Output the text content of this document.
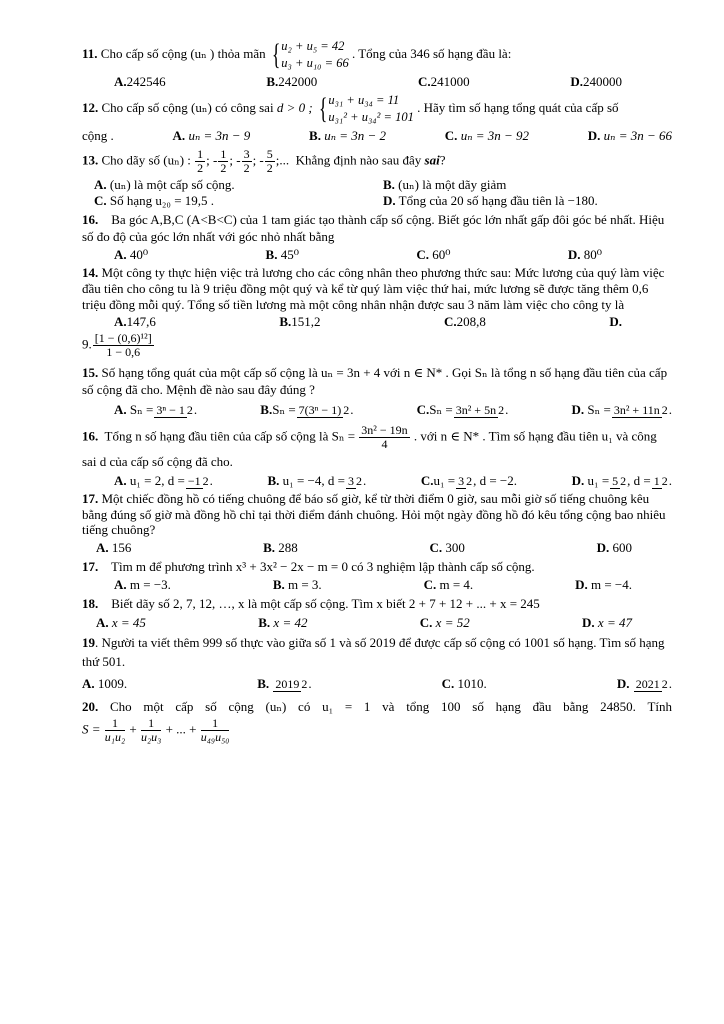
11. Cho cấp số cộng (uₙ ) thỏa mãn { u₂ + u₅ = 42
u₃ + u₁₀ = 66
. Tổng của 346 số hạng đầu là:

A.242546	B.242000	C.241000	D.240000

12. Cho cấp số cộng (uₙ) có công sai d > 0 ; { u₃₁ + u₃₄ = 11
u₃₁² + u₃₄² = 101
. Hãy tìm số hạng tổng quát của cấp số

cộng .	A. uₙ = 3n − 9	B. uₙ = 3n − 2	C. uₙ = 3n − 92	D. uₙ = 3n − 66

13. Cho dãy số (uₙ) : $\frac{1}{2}$ ; - $\frac{1}{2}$ ; - $\frac{3}{2}$ ; - $\frac{5}{2}$ ;... Khẳng định nào sau đây sai?

A. (uₙ) là một cấp số cộng.	B. (uₙ) là một dãy giảm
C. Số hạng u₂₀ = 19,5 .	D. Tổng của 20 số hạng đầu tiên là −180.

16. Ba góc A,B,C (A<B<C) của 1 tam giác tạo thành cấp số cộng. Biết góc lớn nhất gấp đôi góc bé nhất. Hiệu số đo độ của góc lớn nhất với góc nhỏ nhất bằng

A. 40⁰	B. 45⁰	C. 60⁰	D. 80⁰

14. Một công ty thực hiện việc trả lương cho các công nhân theo phương thức sau: Mức lương của quý làm việc đầu tiên cho công tu là 9 triệu đồng một quý và kể từ quý làm việc thứ hai, mức lương sẽ được tăng thêm 0,6 triệu đồng mỗi quý. Tổng số tiền lương mà một công nhân nhận được sau 3 năm làm việc cho công ty là

A.147,6	B.151,2	C.208,8	D.
9. $\frac{\text{[1 − (0,6)¹²]}}{1 - 0,6}$

15. Số hạng tổng quát của một cấp số cộng là uₙ = 3n + 4 với n ∈ N* . Gọi Sₙ là tổng n số hạng đầu tiên của cấp số cộng đã cho. Mệnh đề nào sau đây đúng ?

A. Sₙ = 3ⁿ − 1 2.	B.Sₙ = 7(3ⁿ − 1) 2.	C.Sₙ = 3n² + 5n 2.	D. Sₙ = 3n² + 11n 2.

16. Tổng n số hạng đầu tiên của cấp số cộng là $S_n = \frac{\text{3n² − 19n}}{4}$ . với n ∈ N* . Tìm số hạng đầu tiên u₁ và công sai d của cấp số cộng đã cho.

A. u₁ = 2, d = −1 2.	B. u₁ = −4, d = 3 2.	C.u₁ = 3 2, d = −2.	D. u₁ = 5 2, d = 1 2.

17. Một chiếc đồng hồ có tiếng chuông để báo số giờ, kể từ thời điểm 0 giờ, sau mỗi giờ số tiếng chuông kêu bằng đúng số giờ mà đồng hồ chỉ tại thời điểm đánh chuông. Hỏi một ngày đồng hồ đó kêu tổng cộng bao nhiêu tiếng chuông?

A. 156	B. 288	C. 300	D. 600

17. Tìm m để phương trình x³ + 3x² − 2x − m = 0 có 3 nghiệm lập thành cấp số cộng.

A. m = −3.	B. m = 3.	C. m = 4.	D. m = −4.

18. Biết dãy số 2, 7, 12, …, x là một cấp số cộng. Tìm x biết 2 + 7 + 12 + ... + x = 245

A. x = 45	B. x = 42	C. x = 52	D. x = 47

19. Người ta viết thêm 999 số thực vào giữa số 1 và số 2019 để được cấp số cộng có 1001 số hạng. Tìm số hạng thứ 501.

A. 1009.	B. 2019 2.	C. 1010.	D. 2021 2.

20. Cho một cấp số cộng (uₙ) có u₁ = 1 và tổng 100 số hạng đầu bằng 24850. Tính

$S = \frac{1}{\text{u₁u₂}} + \frac{1}{\text{u₂u₃}}$ + ... + $\frac{1}{\text{u₄₉u₅₀}}$
